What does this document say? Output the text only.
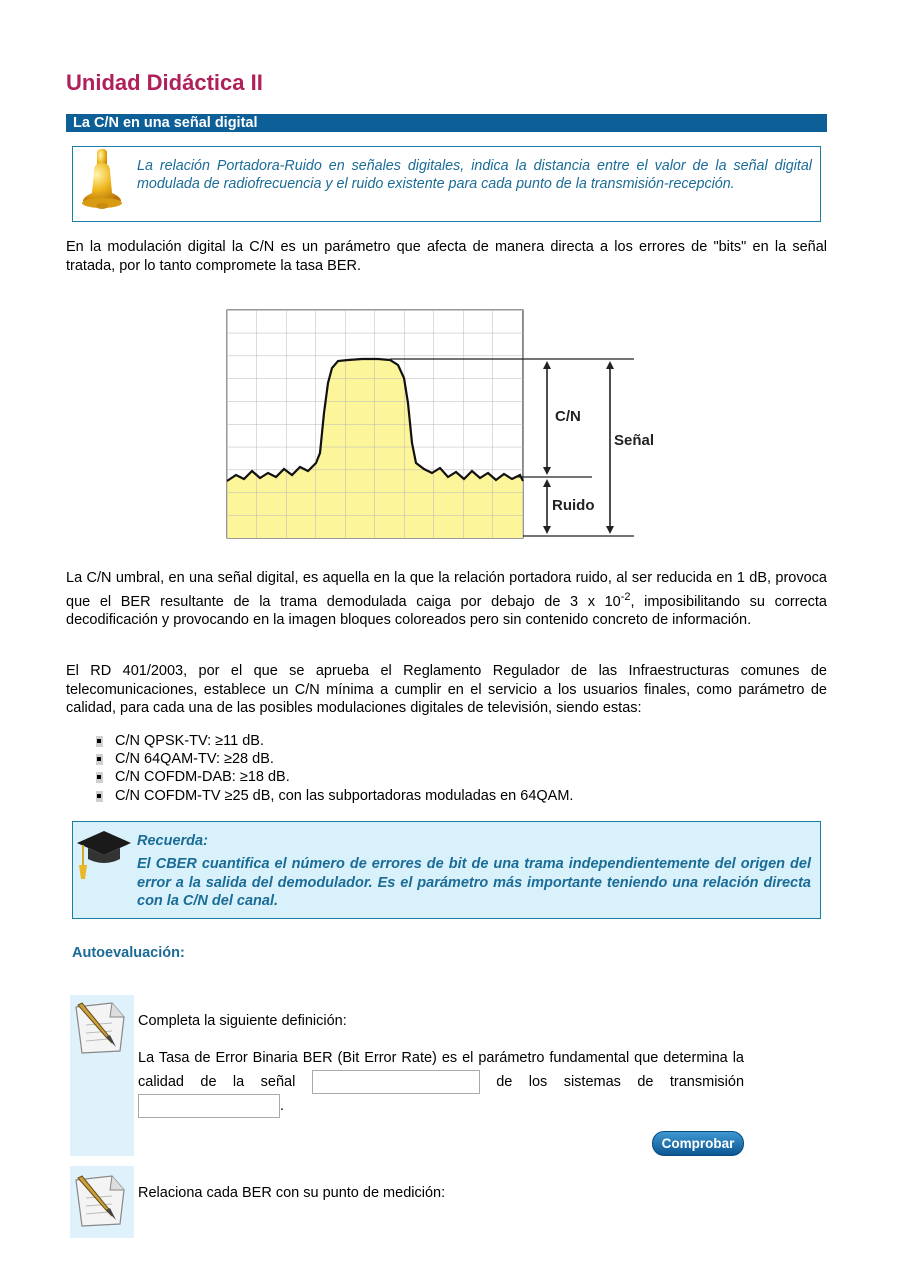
Unidad Didáctica II
La C/N en una señal digital
La relación Portadora-Ruido en señales digitales, indica la distancia entre el valor de la señal digital modulada de radiofrecuencia y el ruido existente para cada punto de la transmisión-recepción.

En la modulación digital la C/N es un parámetro que afecta de manera directa a los errores de "bits" en la señal tratada, por lo tanto compromete la tasa BER.

C/N
Señal
Ruido

La C/N umbral, en una señal digital, es aquella en la que la relación portadora ruido, al ser reducida en 1 dB, provoca que el BER resultante de la trama demodulada caiga por debajo de 3 x $10^{-2}$, imposibilitando su correcta decodificación y provocando en la imagen bloques coloreados pero sin contenido concreto de información.

El RD 401/2003, por el que se aprueba el Reglamento Regulador de las Infraestructuras comunes de telecomunicaciones, establece un C/N mínima a cumplir en el servicio a los usuarios finales, como parámetro de calidad, para cada una de las posibles modulaciones digitales de televisión, siendo estas:

C/N QPSK-TV: ≥11 dB.
C/N 64QAM-TV: ≥28 dB.
C/N COFDM-DAB: ≥18 dB.
C/N COFDM-TV ≥25 dB, con las subportadoras moduladas en 64QAM.
Recuerda:
El CBER cuantifica el número de errores de bit de una trama independientemente del origen del error a la salida del demodulador. Es el parámetro más importante teniendo una relación directa con la C/N del canal.
Autoevaluación:
Completa la siguiente definición:
La Tasa de Error Binaria BER (Bit Error Rate) es el parámetro fundamental que determina la calidad de la señal	de los sistemas de transmisión .
Comprobar
Relaciona cada BER con su punto de medición:
